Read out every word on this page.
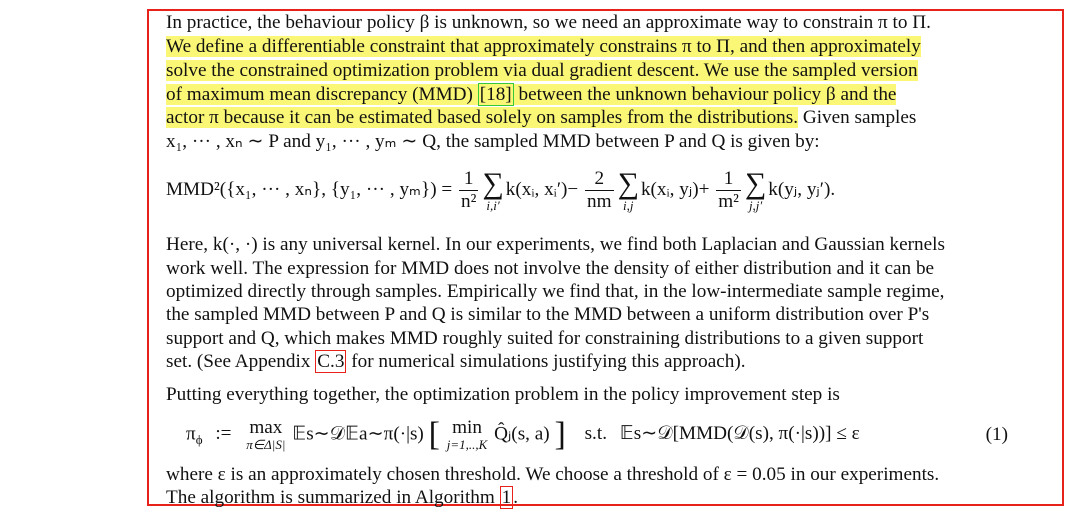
In practice, the behaviour policy β is unknown, so we need an approximate way to constrain π to Π.
We define a differentiable constraint that approximately constrains π to Π, and then approximately
solve the constrained optimization problem via dual gradient descent. We use the sampled version
of maximum mean discrepancy (MMD) [18] between the unknown behaviour policy β and the
actor π because it can be estimated based solely on samples from the distributions. Given samples
x₁, ··· , xₙ ∼ P and y₁, ··· , yₘ ∼ Q, the sampled MMD between P and Q is given by:
MMD²({x₁, ··· , xₙ}, {y₁, ··· , $y_m\}) = \frac{1}{\text{n²}}$ ∑
i,i′
k(xᵢ, xᵢ′)− $\frac{2}{nm}$ ∑
i,j
k(xᵢ, yⱼ)+ $\frac{1}{\text{m²}}$ ∑
j,j′
k(yⱼ, yⱼ′).
Here, k(·, ·) is any universal kernel. In our experiments, we find both Laplacian and Gaussian kernels
work well. The expression for MMD does not involve the density of either distribution and it can be
optimized directly through samples. Empirically we find that, in the low-intermediate sample regime,
the sampled MMD between P and Q is similar to the MMD between a uniform distribution over P's
support and Q, which makes MMD roughly suited for constraining distributions to a given support
set. (See Appendix C.3 for numerical simulations justifying this approach).
Putting everything together, the optimization problem in the policy improvement step is
$\pi_\phi$ := max
π∈Δ|S|
𝔼s∼𝒟𝔼a∼π(·|s) [ min
j=1,..,K
Q̂ⱼ(s, a) ] s.t. 𝔼s∼𝒟[MMD(𝒟(s), π(·|s))] ≤ ε	(1)
where ε is an approximately chosen threshold. We choose a threshold of ε = 0.05 in our experiments.
The algorithm is summarized in Algorithm 1 .
